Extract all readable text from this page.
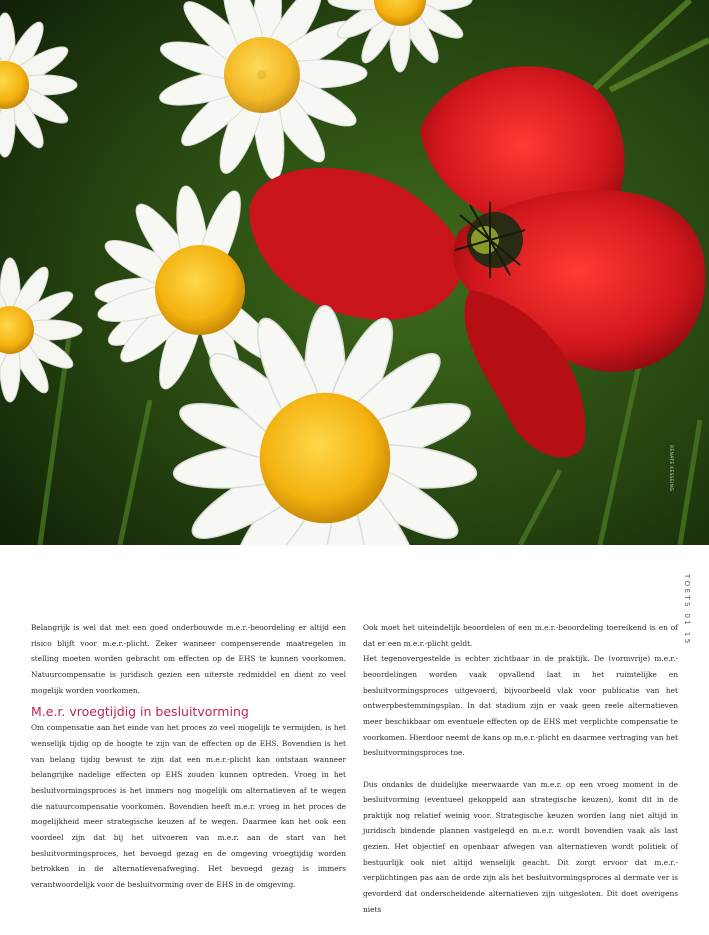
RENATE KESSEING
TOETS 01 15

Belangrijk is wel dat met een goed onderbouwde m.e.r.-beoordeling er altijd een risico blijft voor m.e.r.-plicht. Zeker wanneer compenserende maatregelen in stelling moeten worden gebracht om effecten op de EHS te kunnen voorkomen. Natuurcompensatie is juridisch gezien een uiterste redmiddel en dient zo veel mogelijk worden voorkomen.

M.e.r. vroegtijdig in besluitvorming

Om compensatie aan het einde van het proces zo veel mogelijk te vermijden, is het wenselijk tijdig op de hoogte te zijn van de effecten op de EHS. Bovendien is het van belang tijdig bewust te zijn dat een m.e.r.-plicht kan ontstaan wanneer belangrijke nadelige effecten op EHS zouden kunnen optreden. Vroeg in het besluitvormingsproces is het immers nog mogelijk om alternatieven af te wegen die natuurcompensatie voorkomen. Bovendien heeft m.e.r. vroeg in het proces de mogelijkheid meer strategische keuzen af te wegen. Daarmee kan het ook een voordeel zijn dat bij het uitvoeren van m.e.r. aan de start van het besluitvormingsproces, het bevoegd gezag en de omgeving vroegtijdig worden betrokken in de alternatievenafweging. Het bevoegd gezag is immers verantwoordelijk voor de besluitvorming over de EHS in de omgeving.

Ook moet het uiteindelijk beoordelen of een m.e.r.-beoordeling toereikend is en of dat er een m.e.r.-plicht geldt.

Het tegenovergestelde is echter zichtbaar in de praktijk. De (vormvrije) m.e.r.-beoordelingen worden vaak opvallend laat in het ruimtelijke en besluitvormingsproces uitgevoerd, bijvoorbeeld vlak voor publicatie van het ontwerpbestemmingsplan. In dat stadium zijn er vaak geen reele alternatieven meer beschikbaar om eventuele effecten op de EHS met verplichte compensatie te voorkomen. Hierdoor neemt de kans op m.e.r.-plicht en daarmee vertraging van het besluitvormingsproces toe.

Dus ondanks de duidelijke meerwaarde van m.e.r. op een vroeg moment in de besluitvorming (eventueel gekoppeld aan strategische keuzen), komt dit in de praktijk nog relatief weinig voor. Strategische keuzen worden lang niet altijd in juridisch bindende plannen vastgelegd en m.e.r. wordt bovendien vaak als last gezien. Het objectief en openbaar afwegen van alternatieven wordt politiek of bestuurlijk ook niet altijd wenselijk geacht. Dit zorgt ervoor dat m.e.r.-verplichtingen pas aan de orde zijn als het besluitvormingsproces al dermate ver is gevorderd dat onderscheidende alternatieven zijn uitgesloten. Dit doet overigens niets
